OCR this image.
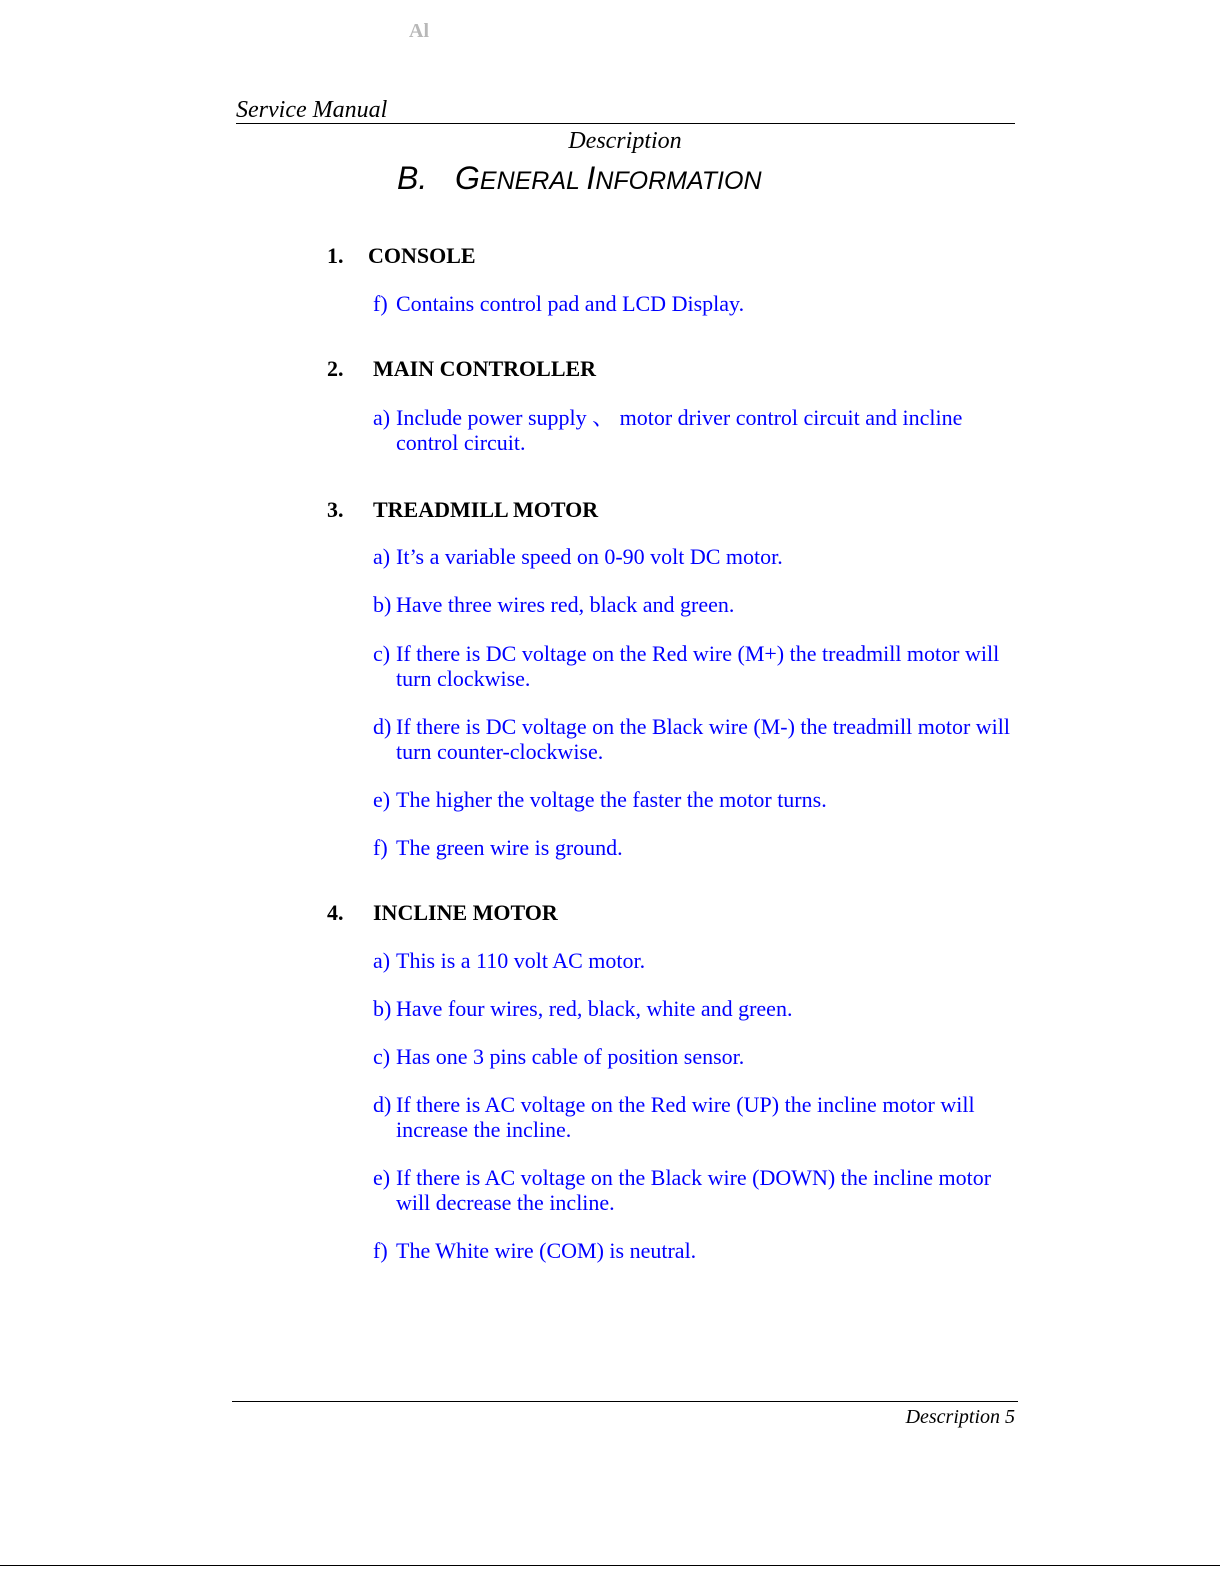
Al
Service Manual
Description
B. GENERAL INFORMATION
1. CONSOLE
f) Contains control pad and LCD Display.
2. MAIN CONTROLLER
a) Include power supply 、 motor driver control circuit and incline control circuit.
3. TREADMILL MOTOR
a) It’s a variable speed on 0-90 volt DC motor.
b) Have three wires red, black and green.
c) If there is DC voltage on the Red wire (M+) the treadmill motor will turn clockwise.
d) If there is DC voltage on the Black wire (M-) the treadmill motor will turn counter-clockwise.
e) The higher the voltage the faster the motor turns.
f) The green wire is ground.
4. INCLINE MOTOR
a) This is a 110 volt AC motor.
b) Have four wires, red, black, white and green.
c) Has one 3 pins cable of position sensor.
d) If there is AC voltage on the Red wire (UP) the incline motor will increase the incline.
e) If there is AC voltage on the Black wire (DOWN) the incline motor will decrease the incline.
f) The White wire (COM) is neutral.
Description 5
